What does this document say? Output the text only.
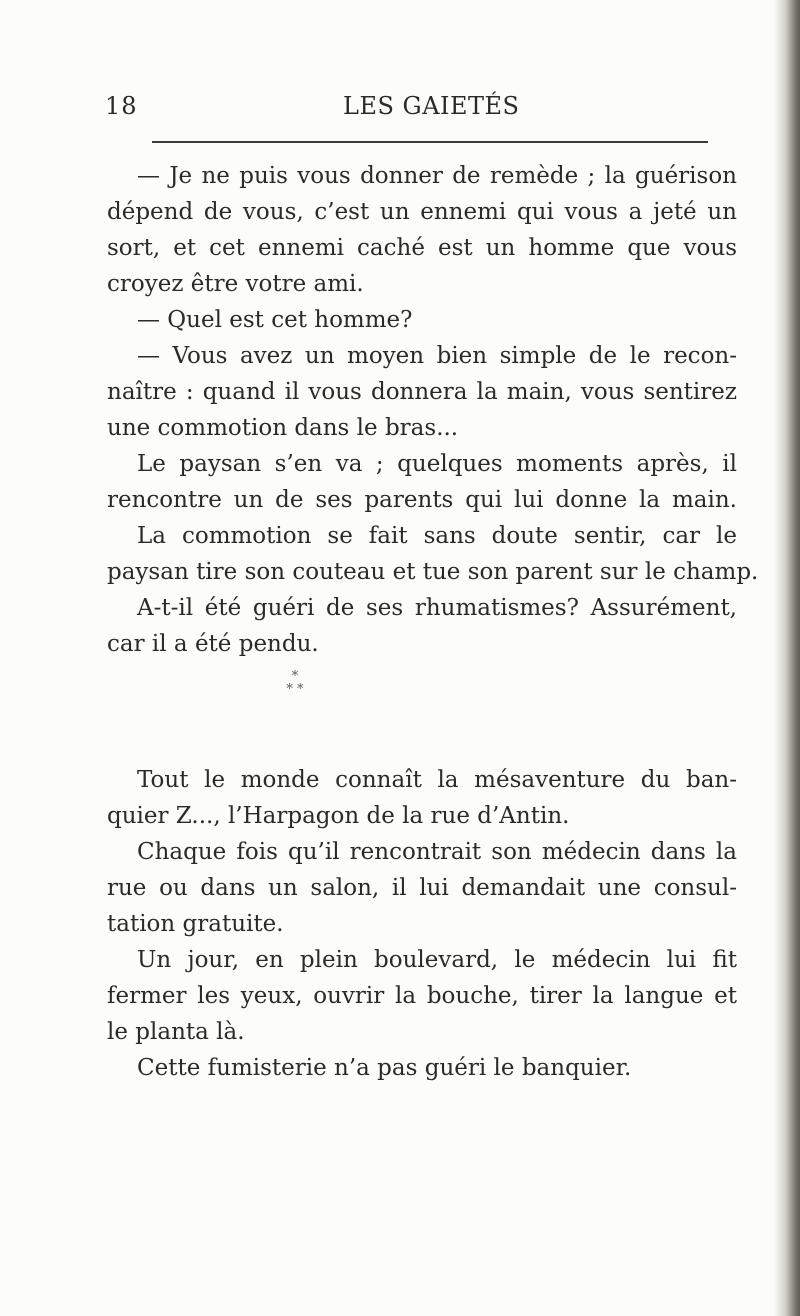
18	LES GAIETÉS
— Je ne puis vous donner de remède ; la guérison
dépend de vous, c’est un ennemi qui vous a jeté un
sort, et cet ennemi caché est un homme que vous
croyez être votre ami.
— Quel est cet homme?
— Vous avez un moyen bien simple de le recon-
naître : quand il vous donnera la main, vous sentirez
une commotion dans le bras...
Le paysan s’en va ; quelques moments après, il
rencontre un de ses parents qui lui donne la main.
La commotion se fait sans doute sentir, car le
paysan tire son couteau et tue son parent sur le champ.
A-t-il été guéri de ses rhumatismes? Assurément,
car il a été pendu.
*
* *
Tout le monde connaît la mésaventure du ban-
quier Z..., l’Harpagon de la rue d’Antin.
Chaque fois qu’il rencontrait son médecin dans la
rue ou dans un salon, il lui demandait une consul-
tation gratuite.
Un jour, en plein boulevard, le médecin lui fit
fermer les yeux, ouvrir la bouche, tirer la langue et
le planta là.
Cette fumisterie n’a pas guéri le banquier.
